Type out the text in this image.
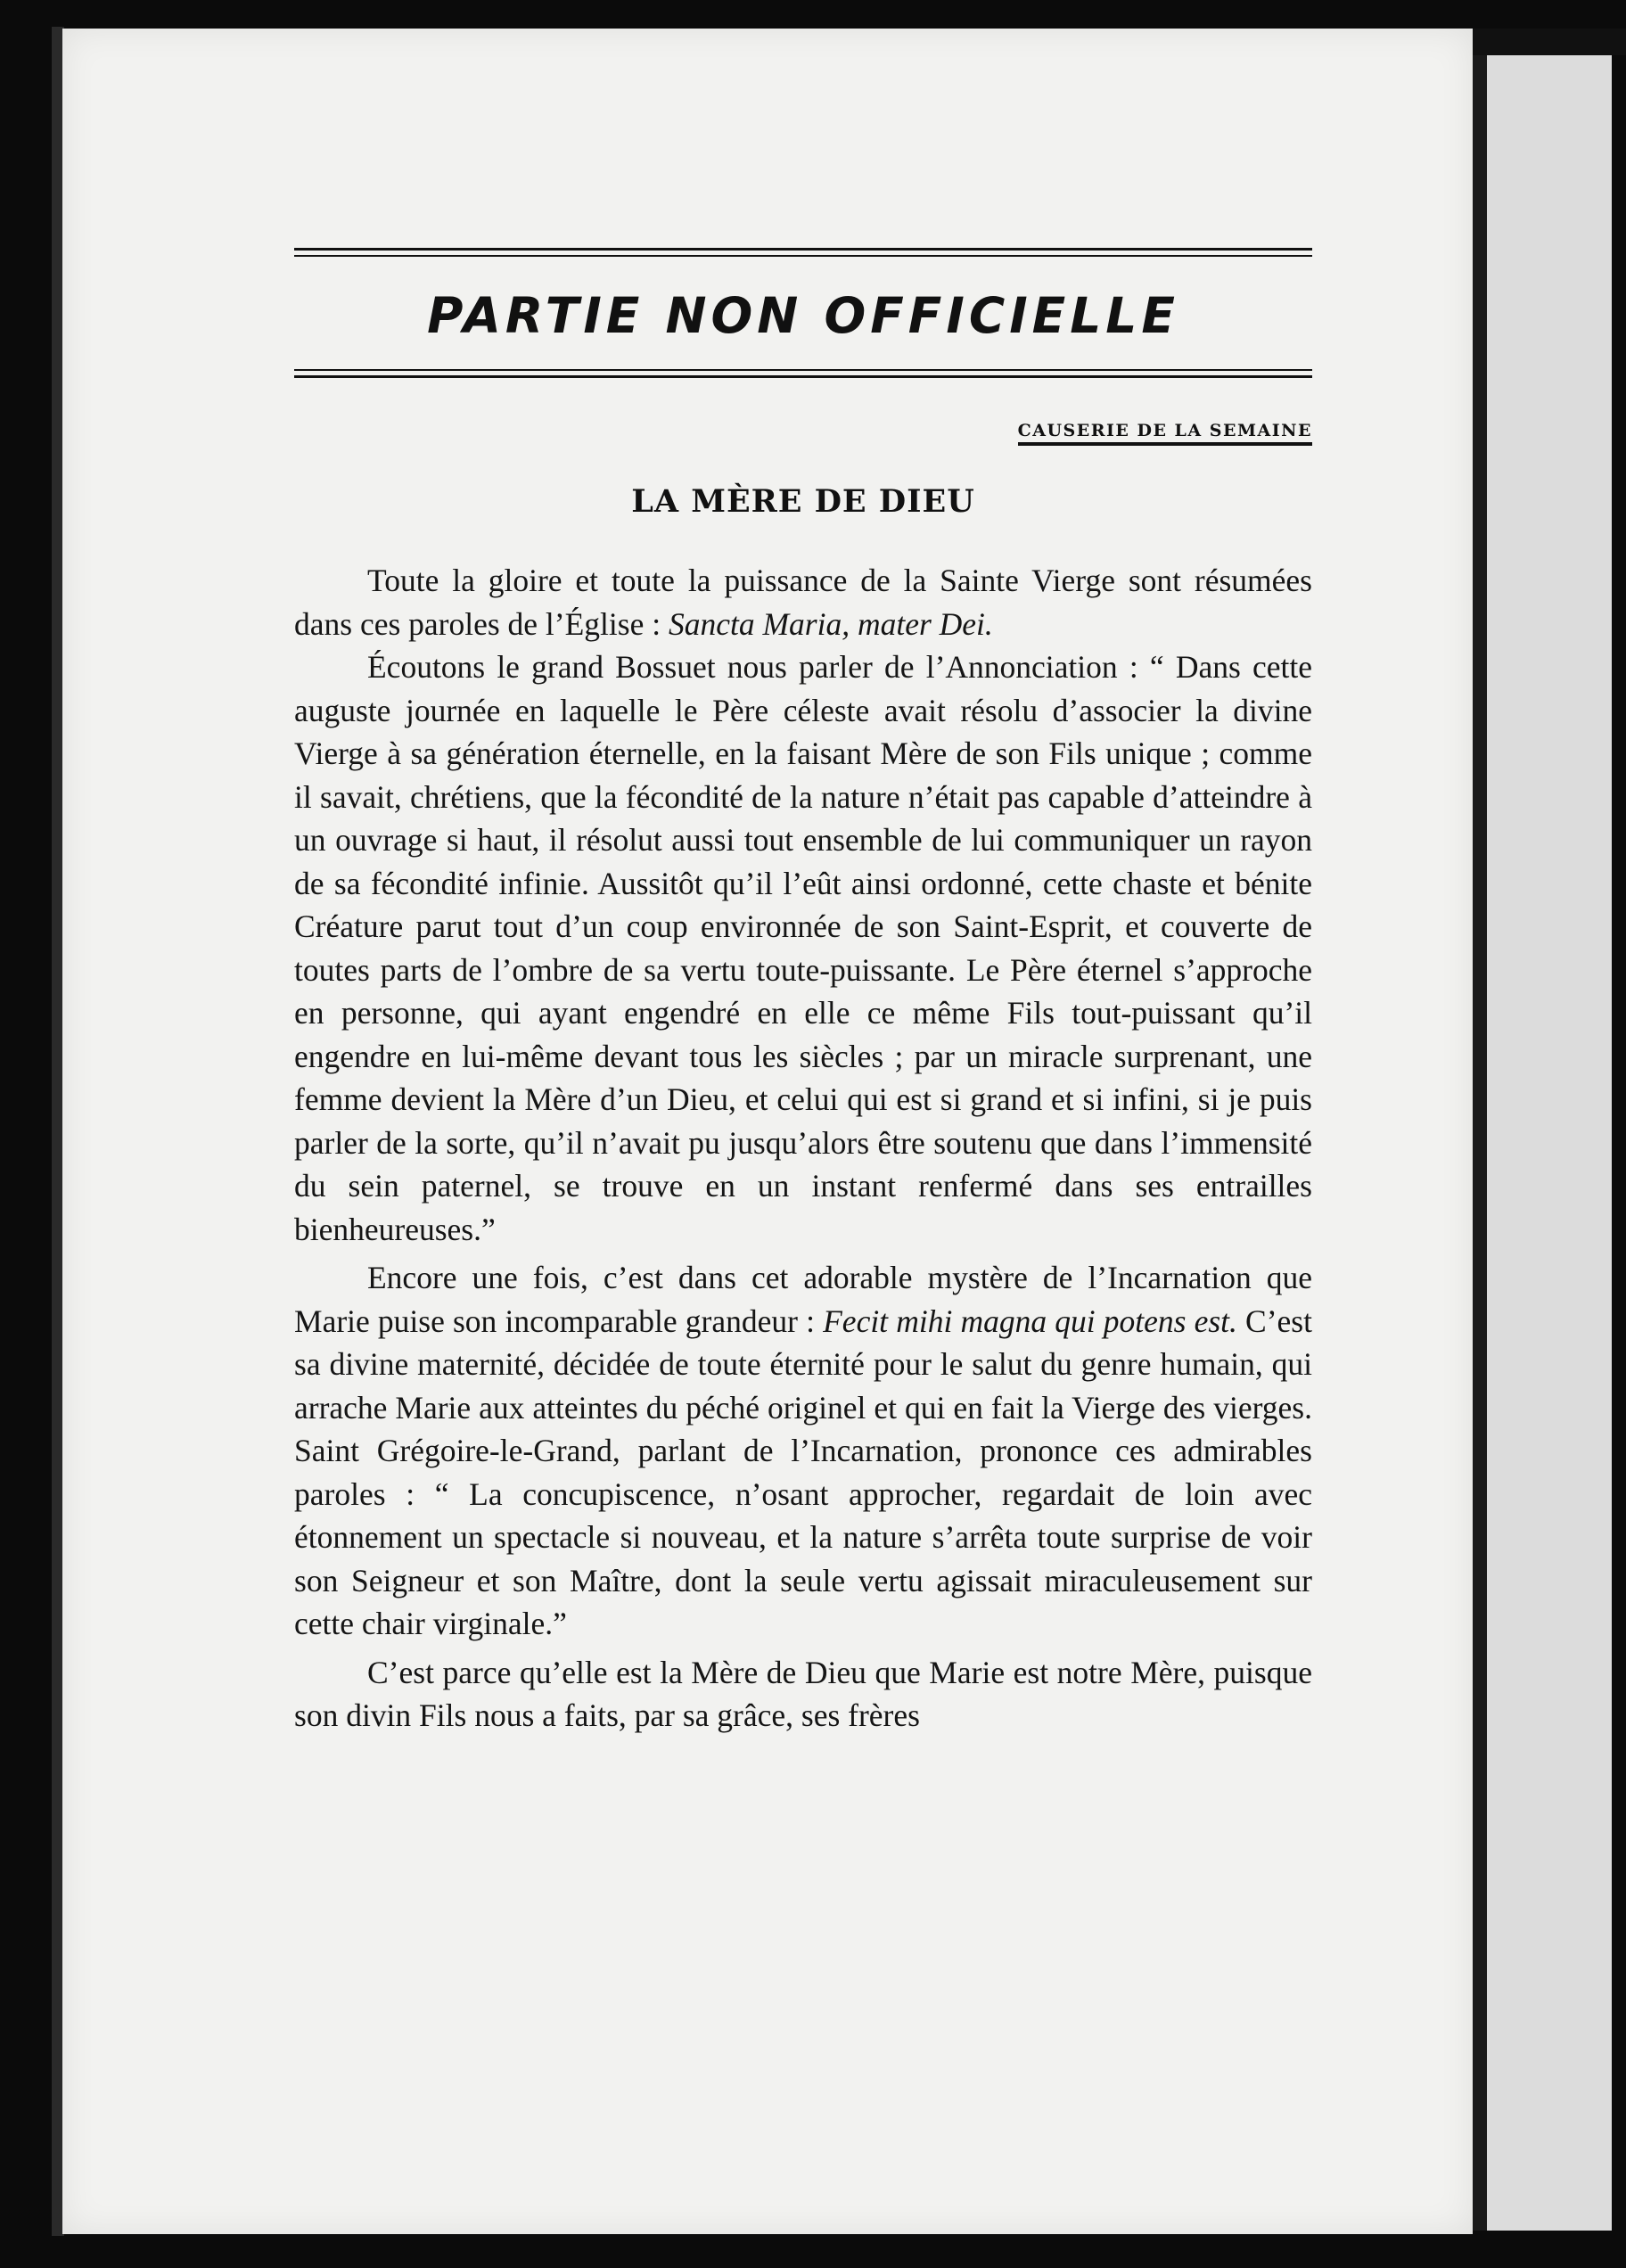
PARTIE NON OFFICIELLE
CAUSERIE DE LA SEMAINE
LA MÈRE DE DIEU

Toute la gloire et toute la puissance de la Sainte Vierge sont résumées dans ces paroles de l’Église : Sancta Maria, mater Dei.

Écoutons le grand Bossuet nous parler de l’Annonciation : “ Dans cette auguste journée en laquelle le Père céleste avait résolu d’associer la divine Vierge à sa génération éternelle, en la faisant Mère de son Fils unique ; comme il savait, chrétiens, que la fécondité de la nature n’était pas capable d’atteindre à un ouvrage si haut, il résolut aussi tout ensemble de lui communiquer un rayon de sa fécondité infinie. Aussitôt qu’il l’eût ainsi ordonné, cette chaste et bénite Créature parut tout d’un coup environnée de son Saint-Esprit, et couverte de toutes parts de l’ombre de sa vertu toute-puissante. Le Père éternel s’approche en personne, qui ayant engendré en elle ce même Fils tout-puissant qu’il engendre en lui-même devant tous les siècles ; par un miracle surprenant, une femme devient la Mère d’un Dieu, et celui qui est si grand et si infini, si je puis parler de la sorte, qu’il n’avait pu jusqu’alors être soutenu que dans l’immensité du sein paternel, se trouve en un instant renfermé dans ses entrailles bienheureuses.”

Encore une fois, c’est dans cet adorable mystère de l’Incarnation que Marie puise son incomparable grandeur : Fecit mihi magna qui potens est. C’est sa divine maternité, décidée de toute éternité pour le salut du genre humain, qui arrache Marie aux atteintes du péché originel et qui en fait la Vierge des vierges. Saint Grégoire-le-Grand, parlant de l’Incarnation, prononce ces admirables paroles : “ La concupiscence, n’osant approcher, regardait de loin avec étonnement un spectacle si nouveau, et la nature s’arrêta toute surprise de voir son Seigneur et son Maître, dont la seule vertu agissait miraculeusement sur cette chair virginale.”

C’est parce qu’elle est la Mère de Dieu que Marie est notre Mère, puisque son divin Fils nous a faits, par sa grâce, ses frères
